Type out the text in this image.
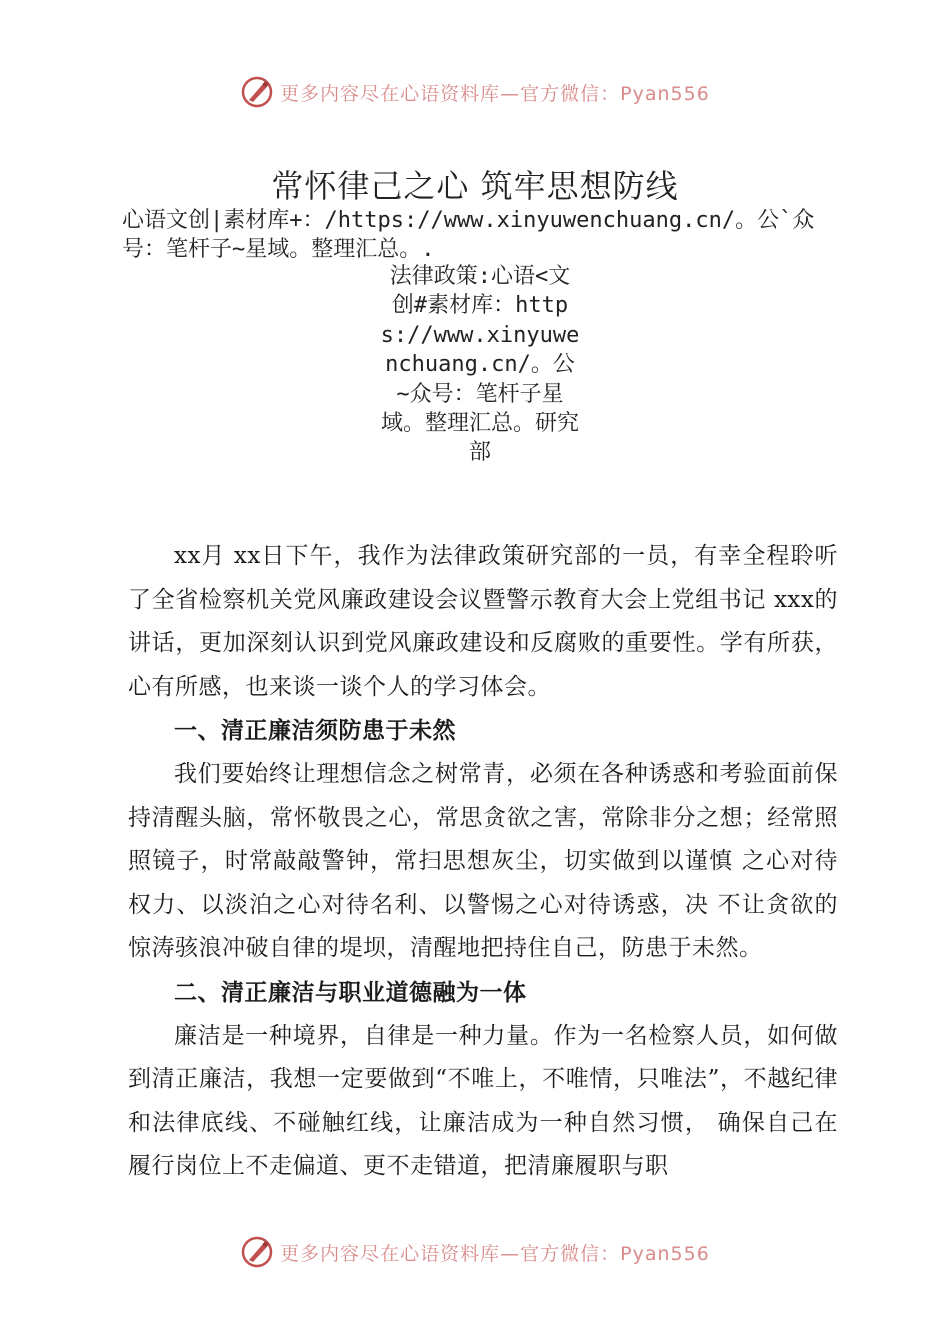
更多内容尽在心语资料库—官方微信：Pyan556
常怀律己之心 筑牢思想防线
心语文创|素材库+：/https://www.xinyuwenchuang.cn/。公`众号：笔杆子~星域。整理汇总。.
法律政策:心语<文创#素材库：https://www.xinyuwenchuang.cn/。公~众号：笔杆子星域。整理汇总。研究部

xx月 xx日下午，我作为法律政策研究部的一员，有幸全程聆听了全省检察机关党风廉政建设会议暨警示教育大会上党组书记 xxx的讲话，更加深刻认识到党风廉政建设和反腐败的重要性。学有所获，心有所感，也来谈一谈个人的学习体会。

一、清正廉洁须防患于未然

我们要始终让理想信念之树常青，必须在各种诱惑和考验面前保持清醒头脑，常怀敬畏之心，常思贪欲之害，常除非分之想；经常照照镜子，时常敲敲警钟，常扫思想灰尘，切实做到以谨慎 之心对待权力、以淡泊之心对待名利、以警惕之心对待诱惑，决 不让贪欲的惊涛骇浪冲破自律的堤坝，清醒地把持住自己，防患于未然。

二、清正廉洁与职业道德融为一体

廉洁是一种境界，自律是一种力量。作为一名检察人员，如何做到清正廉洁，我想一定要做到“不唯上，不唯情，只唯法”，不越纪律和法律底线、不碰触红线，让廉洁成为一种自然习惯， 确保自己在履行岗位上不走偏道、更不走错道，把清廉履职与职

更多内容尽在心语资料库—官方微信：Pyan556
